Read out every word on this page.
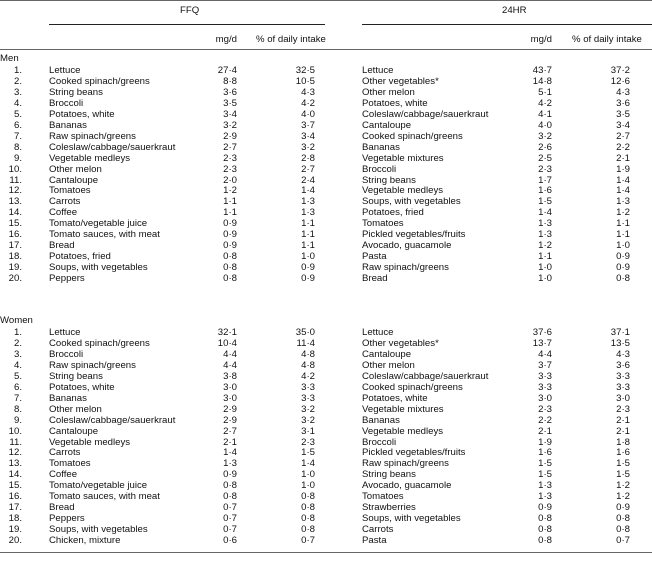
FFQ	24HR
mg/d % of daily intake	mg/d % of daily intake
Men
1.	Lettuce	27·4	32·5	Lettuce	43·7	37·2
2.	Cooked spinach/greens	8·8	10·5	Other vegetables*	14·8	12·6
3.	String beans	3·6	4·3	Other melon	5·1	4·3
4.	Broccoli	3·5	4·2	Potatoes, white	4·2	3·6
5.	Potatoes, white	3·4	4·0	Coleslaw/cabbage/sauerkraut	4·1	3·5
6.	Bananas	3·2	3·7	Cantaloupe	4·0	3·4
7.	Raw spinach/greens	2·9	3·4	Cooked spinach/greens	3·2	2·7
8.	Coleslaw/cabbage/sauerkraut	2·7	3·2	Bananas	2·6	2·2
9.	Vegetable medleys	2·3	2·8	Vegetable mixtures	2·5	2·1
10.	Other melon	2·3	2·7	Broccoli	2·3	1·9
11.	Cantaloupe	2·0	2·4	String beans	1·7	1·4
12.	Tomatoes	1·2	1·4	Vegetable medleys	1·6	1·4
13.	Carrots	1·1	1·3	Soups, with vegetables	1·5	1·3
14.	Coffee	1·1	1·3	Potatoes, fried	1·4	1·2
15.	Tomato/vegetable juice	0·9	1·1	Tomatoes	1·3	1·1
16.	Tomato sauces, with meat	0·9	1·1	Pickled vegetables/fruits	1·3	1·1
17.	Bread	0·9	1·1	Avocado, guacamole	1·2	1·0
18.	Potatoes, fried	0·8	1·0	Pasta	1·1	0·9
19.	Soups, with vegetables	0·8	0·9	Raw spinach/greens	1·0	0·9
20.	Peppers	0·8	0·9	Bread	1·0	0·8
Women
1.	Lettuce	32·1	35·0	Lettuce	37·6	37·1
2.	Cooked spinach/greens	10·4	11·4	Other vegetables*	13·7	13·5
3.	Broccoli	4·4	4·8	Cantaloupe	4·4	4·3
4.	Raw spinach/greens	4·4	4·8	Other melon	3·7	3·6
5.	String beans	3·8	4·2	Coleslaw/cabbage/sauerkraut	3·3	3·3
6.	Potatoes, white	3·0	3·3	Cooked spinach/greens	3·3	3·3
7.	Bananas	3·0	3·3	Potatoes, white	3·0	3·0
8.	Other melon	2·9	3·2	Vegetable mixtures	2·3	2·3
9.	Coleslaw/cabbage/sauerkraut	2·9	3·2	Bananas	2·2	2·1
10.	Cantaloupe	2·7	3·1	Vegetable medleys	2·1	2·1
11.	Vegetable medleys	2·1	2·3	Broccoli	1·9	1·8
12.	Carrots	1·4	1·5	Pickled vegetables/fruits	1·6	1·6
13.	Tomatoes	1·3	1·4	Raw spinach/greens	1·5	1·5
14.	Coffee	0·9	1·0	String beans	1·5	1·5
15.	Tomato/vegetable juice	0·8	1·0	Avocado, guacamole	1·3	1·2
16.	Tomato sauces, with meat	0·8	0·8	Tomatoes	1·3	1·2
17.	Bread	0·7	0·8	Strawberries	0·9	0·9
18.	Peppers	0·7	0·8	Soups, with vegetables	0·8	0·8
19.	Soups, with vegetables	0·7	0·8	Carrots	0·8	0·8
20.	Chicken, mixture	0·6	0·7	Pasta	0·8	0·7
